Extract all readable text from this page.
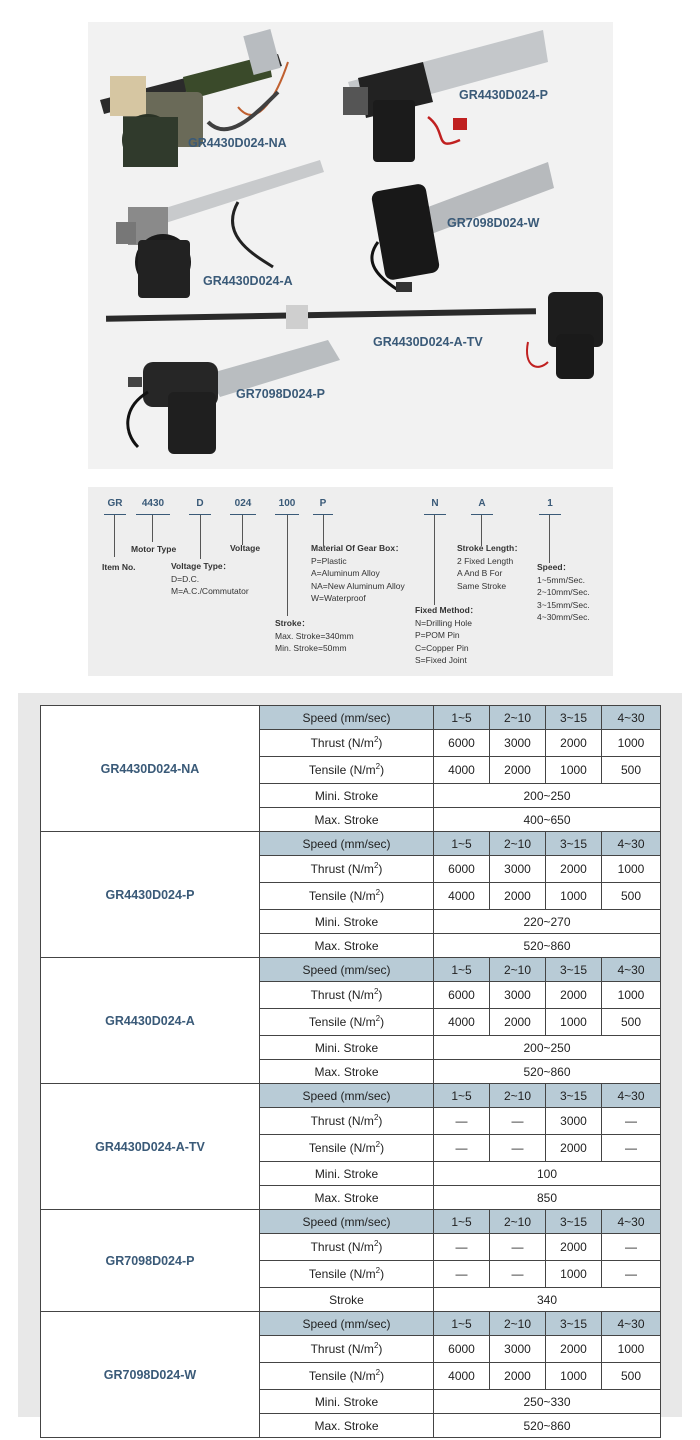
GR4430D024-NA
GR4430D024-P
GR4430D024-A
GR7098D024-W
GR4430D024-A-TV
GR7098D024-P
GR	4430	D	024	100	P	N	A	1
Item No.
Motor Type
Voltage Type：
D=D.C.
M=A.C./Commutator
Voltage
Stroke：
Max. Stroke=340mm
Min. Stroke=50mm
Material Of Gear Box：
P=Plastic
A=Aluminum Alloy
NA=New Aluminum Alloy
W=Waterproof
Fixed Method：
N=Drilling Hole
P=POM Pin
C=Copper Pin
S=Fixed Joint
Stroke Length：
2 Fixed Length
A And B For
Same Stroke
Speed：
1~5mm/Sec.
2~10mm/Sec.
3~15mm/Sec.
4~30mm/Sec.
GR4430D024-NA	Speed (mm/sec)	1~5	2~10	3~15	4~30
	Thrust $(N/m^2)$	6000	3000	2000	1000
	Tensile $(N/m^2)$	4000	2000	1000	500
	Mini. Stroke	200~250			
	Max. Stroke	400~650			
GR4430D024-P	Speed (mm/sec)	1~5	2~10	3~15	4~30
	Thrust $(N/m^2)$	6000	3000	2000	1000
	Tensile $(N/m^2)$	4000	2000	1000	500
	Mini. Stroke	220~270			
	Max. Stroke	520~860			
GR4430D024-A	Speed (mm/sec)	1~5	2~10	3~15	4~30
	Thrust $(N/m^2)$	6000	3000	2000	1000
	Tensile $(N/m^2)$	4000	2000	1000	500
	Mini. Stroke	200~250			
	Max. Stroke	520~860			
GR4430D024-A-TV	Speed (mm/sec)	1~5	2~10	3~15	4~30
	Thrust $(N/m^2)$	—	—	3000	—
	Tensile $(N/m^2)$	—	—	2000	—
	Mini. Stroke	100			
	Max. Stroke	850			
GR7098D024-P	Speed (mm/sec)	1~5	2~10	3~15	4~30
	Thrust $(N/m^2)$	—	—	2000	—
	Tensile $(N/m^2)$	—	—	1000	—
	Stroke	340			
GR7098D024-W	Speed (mm/sec)	1~5	2~10	3~15	4~30
	Thrust $(N/m^2)$	6000	3000	2000	1000
	Tensile $(N/m^2)$	4000	2000	1000	500
	Mini. Stroke	250~330			
	Max. Stroke	520~860			
